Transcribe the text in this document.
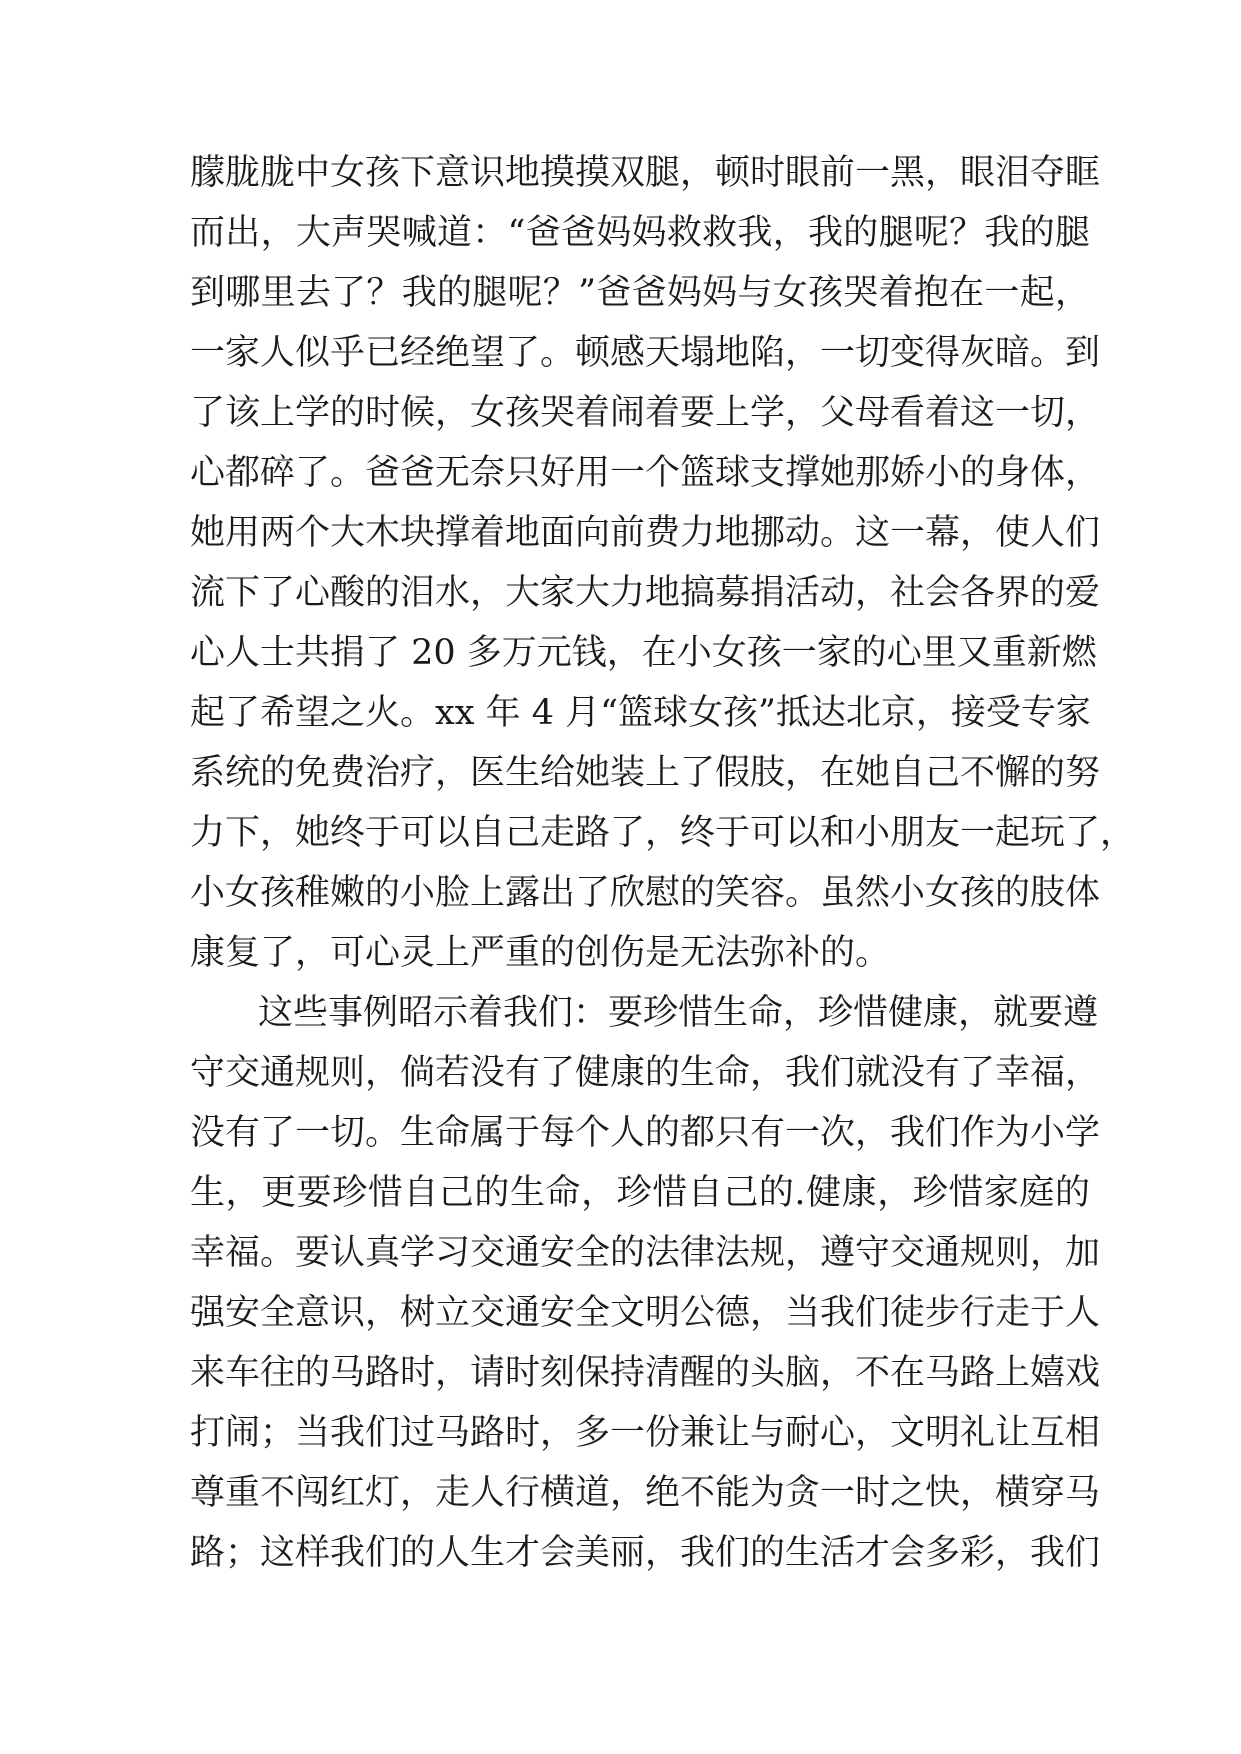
朦胧胧中女孩下意识地摸摸双腿，顿时眼前一黑，眼泪夺眶
而出，大声哭喊道：“爸爸妈妈救救我，我的腿呢？我的腿
到哪里去了？我的腿呢？”爸爸妈妈与女孩哭着抱在一起，
一家人似乎已经绝望了。顿感天塌地陷，一切变得灰暗。到
了该上学的时候，女孩哭着闹着要上学，父母看着这一切，
心都碎了。爸爸无奈只好用一个篮球支撑她那娇小的身体，
她用两个大木块撑着地面向前费力地挪动。这一幕，使人们
流下了心酸的泪水，大家大力地搞募捐活动，社会各界的爱
心人士共捐了 20 多万元钱，在小女孩一家的心里又重新燃
起了希望之火。xx 年 4 月“篮球女孩”抵达北京，接受专家
系统的免费治疗，医生给她装上了假肢，在她自己不懈的努
力下，她终于可以自己走路了，终于可以和小朋友一起玩了，
小女孩稚嫩的小脸上露出了欣慰的笑容。虽然小女孩的肢体
康复了，可心灵上严重的创伤是无法弥补的。
这些事例昭示着我们：要珍惜生命，珍惜健康，就要遵
守交通规则，倘若没有了健康的生命，我们就没有了幸福，
没有了一切。生命属于每个人的都只有一次，我们作为小学
生，更要珍惜自己的生命，珍惜自己的.健康，珍惜家庭的
幸福。要认真学习交通安全的法律法规，遵守交通规则，加
强安全意识，树立交通安全文明公德，当我们徒步行走于人
来车往的马路时，请时刻保持清醒的头脑，不在马路上嬉戏
打闹；当我们过马路时，多一份兼让与耐心，文明礼让互相
尊重不闯红灯，走人行横道，绝不能为贪一时之快，横穿马
路；这样我们的人生才会美丽，我们的生活才会多彩，我们
